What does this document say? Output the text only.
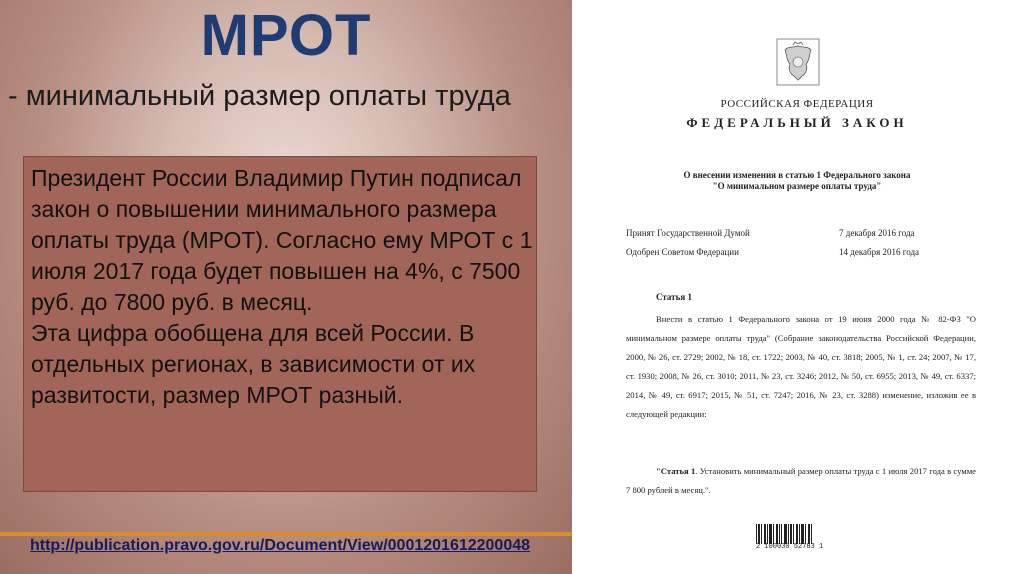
МРОТ
- минимальный размер оплаты труда

Президент России Владимир Путин подписал закон о повышении минимального размера оплаты труда (МРОТ). Согласно ему МРОТ с 1 июля 2017 года будет повышен на 4%, с 7500 руб. до 7800 руб. в месяц.

Эта цифра обобщена для всей России. В отдельных регионах, в зависимости от их развитости, размер МРОТ разный.

http://publication.pravo.gov.ru/Document/View/0001201612200048
РОССИЙСКАЯ ФЕДЕРАЦИЯ
ФЕДЕРАЛЬНЫЙ ЗАКОН
О внесении изменения в статью 1 Федерального закона
"О минимальном размере оплаты труда"
Принят Государственной Думой	7 декабря 2016 года
Одобрен Советом Федерации	14 декабря 2016 года
Статья 1

Внести в статью 1 Федерального закона от 19 июня 2000 года № 82-ФЗ "О минимальном размере оплаты труда" (Собрание законодательства Российской Федерации, 2000, № 26, ст. 2729; 2002, № 18, ст. 1722; 2003, № 40, ст. 3818; 2005, № 1, ст. 24; 2007, № 17, ст. 1930; 2008, № 26, ст. 3010; 2011, № 23, ст. 3246; 2012, № 50, ст. 6955; 2013, № 49, ст. 6337; 2014, № 49, ст. 6917; 2015, № 51, ст. 7247; 2016, № 23, ст. 3288) изменение, изложив ее в следующей редакции:

"Статья 1. Установить минимальный размер оплаты труда с 1 июля 2017 года в сумме 7 800 рублей в месяц.".

2 100030 52783 1
